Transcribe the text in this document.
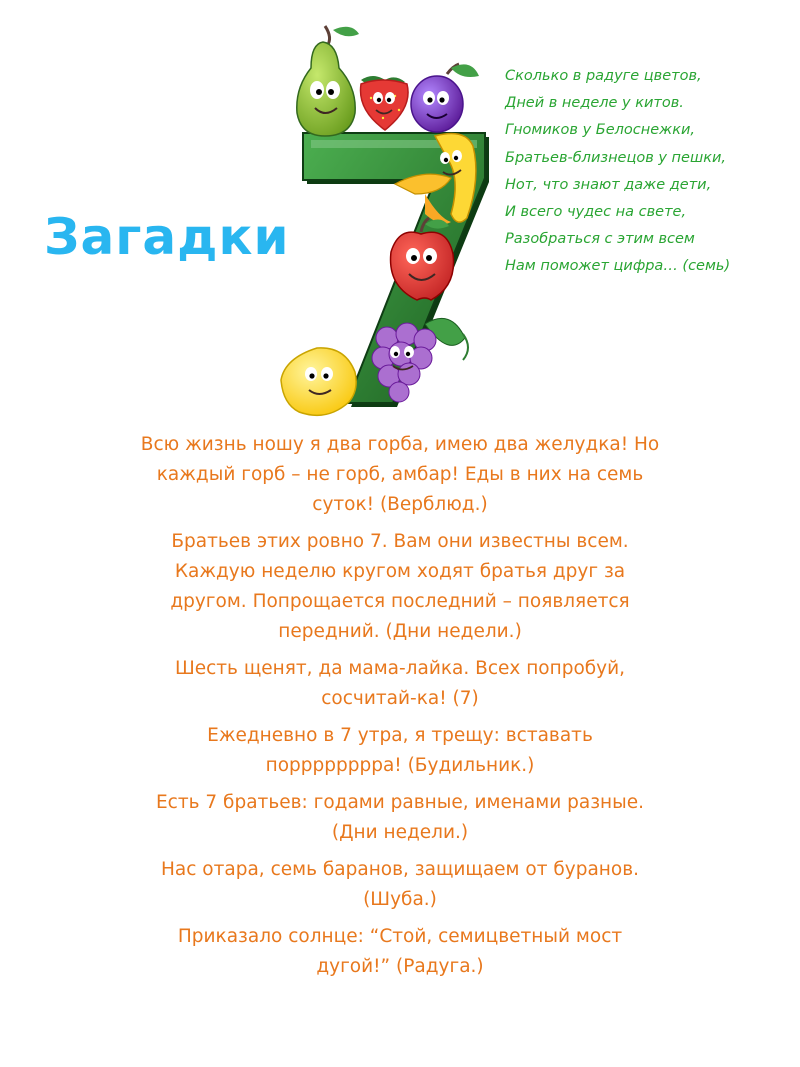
Загадки
Сколько в радуге цветов,
Дней в неделе у китов.
Гномиков у Белоснежки,
Братьев-близнецов у пешки,
Нот, что знают даже дети,
И всего чудес на свете,
Разобраться с этим всем
Нам поможет цифра… (семь)

Всю жизнь ношу я два горба, имею два желудка! Но каждый горб – не горб, амбар! Еды в них на семь суток! (Верблюд.)

Братьев этих ровно 7. Вам они известны всем. Каждую неделю кругом ходят братья друг за другом. Попрощается последний – появляется передний. (Дни недели.)

Шесть щенят, да мама-лайка. Всех попробуй, сосчитай-ка! (7)

Ежедневно в 7 утра, я трещу: вставать порррррррра! (Будильник.)

Есть 7 братьев: годами равные, именами разные. (Дни недели.)

Нас отара, семь баранов, защищаем от буранов. (Шуба.)

Приказало солнце: “Стой, семицветный мост дугой!” (Радуга.)
